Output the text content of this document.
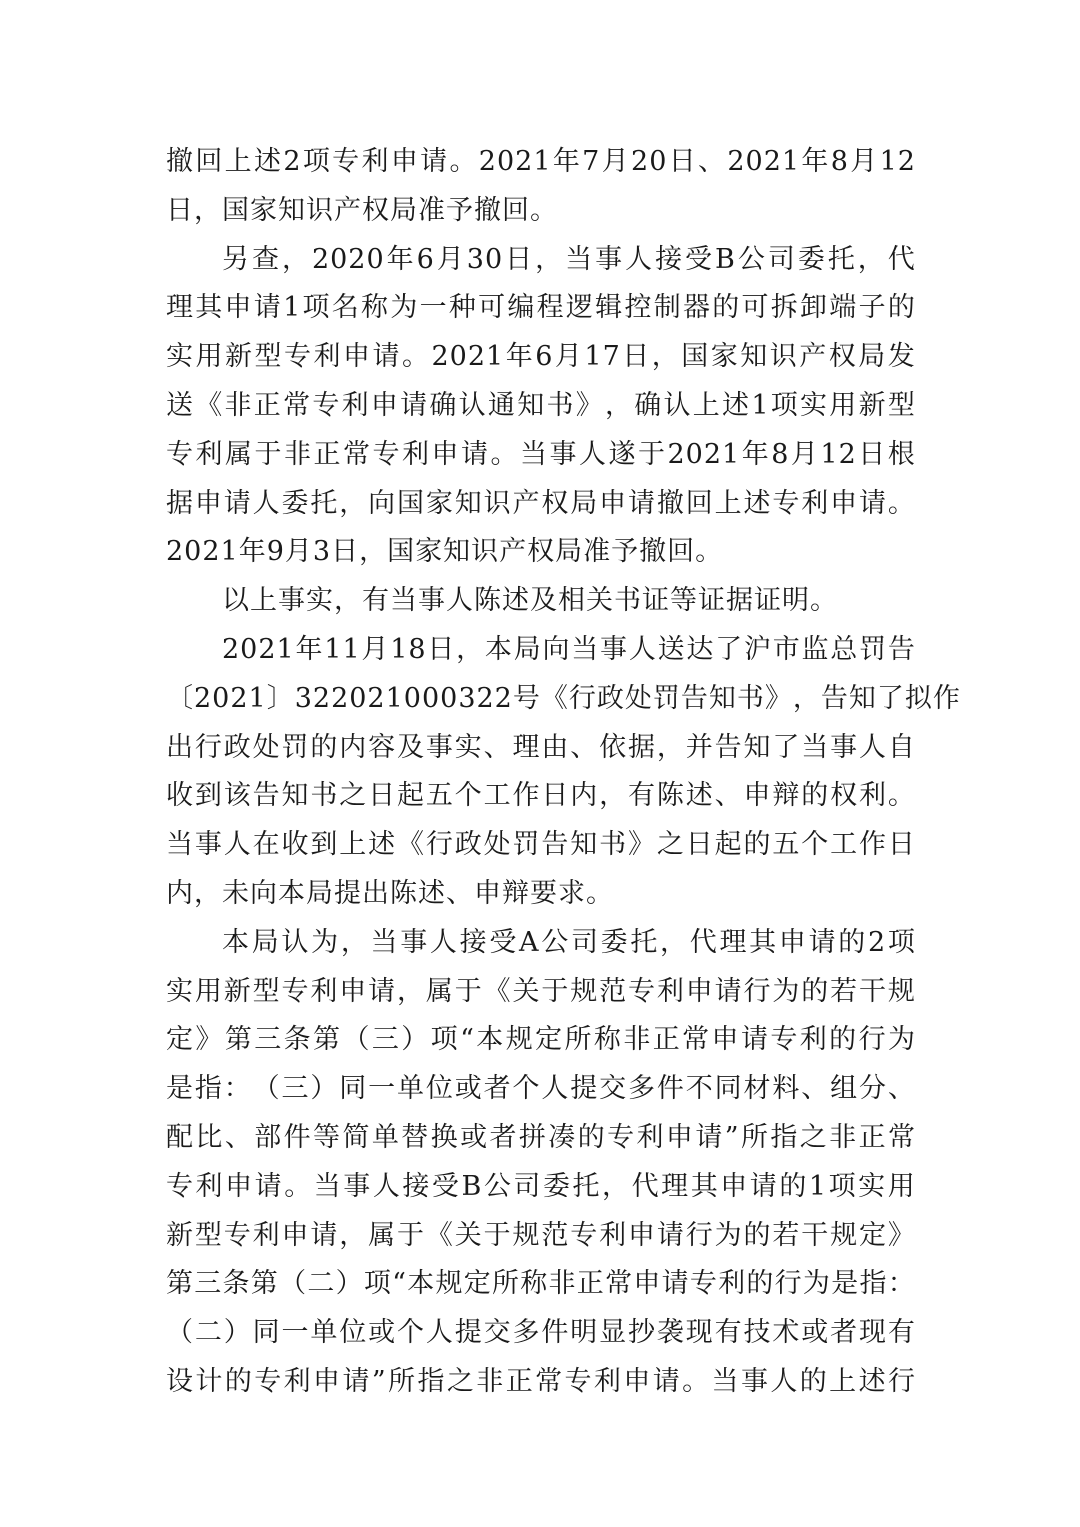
撤 回 上 述 2 项 专 利 申 请 。 2021 年 7 月 20 日 、 2021 年 8 月 12
日 ， 国 家 知 识 产 权 局 准 予 撤 回 。
另 查 ， 2020 年 6 月 30 日 ， 当 事 人 接 受 B 公 司 委 托 ， 代
理 其 申 请 1 项 名 称 为 一 种 可 编 程 逻 辑 控 制 器 的 可 拆 卸 端 子 的
实 用 新 型 专 利 申 请 。 2021 年 6 月 17 日 ， 国 家 知 识 产 权 局 发
送 《 非 正 常 专 利 申 请 确 认 通 知 书 》 ， 确 认 上 述 1 项 实 用 新 型
专 利 属 于 非 正 常 专 利 申 请 。 当 事 人 遂 于 2021 年 8 月 12 日 根
据 申 请 人 委 托 ， 向 国 家 知 识 产 权 局 申 请 撤 回 上 述 专 利 申 请 。
2021 年 9 月 3 日 ， 国 家 知 识 产 权 局 准 予 撤 回 。
以 上 事 实 ， 有 当 事 人 陈 述 及 相 关 书 证 等 证 据 证 明 。
2021 年 11 月 18 日 ， 本 局 向 当 事 人 送 达 了 沪 市 监 总 罚 告
〔 2021 〕 322021000322 号 《 行 政 处 罚 告 知 书 》 ， 告 知 了 拟 作
出 行 政 处 罚 的 内 容 及 事 实 、 理 由 、 依 据 ， 并 告 知 了 当 事 人 自
收 到 该 告 知 书 之 日 起 五 个 工 作 日 内 ， 有 陈 述 、 申 辩 的 权 利 。
当 事 人 在 收 到 上 述 《 行 政 处 罚 告 知 书 》 之 日 起 的 五 个 工 作 日
内 ， 未 向 本 局 提 出 陈 述 、 申 辩 要 求 。
本 局 认 为 ， 当 事 人 接 受 A 公 司 委 托 ， 代 理 其 申 请 的 2 项
实 用 新 型 专 利 申 请 ， 属 于 《 关 于 规 范 专 利 申 请 行 为 的 若 干 规
定 》 第 三 条 第 （ 三 ） 项 “ 本 规 定 所 称 非 正 常 申 请 专 利 的 行 为
是 指 ： （ 三 ） 同 一 单 位 或 者 个 人 提 交 多 件 不 同 材 料 、 组 分 、
配 比 、 部 件 等 简 单 替 换 或 者 拼 凑 的 专 利 申 请 ” 所 指 之 非 正 常
专 利 申 请 。 当 事 人 接 受 B 公 司 委 托 ， 代 理 其 申 请 的 1 项 实 用
新 型 专 利 申 请 ， 属 于 《 关 于 规 范 专 利 申 请 行 为 的 若 干 规 定 》
第 三 条 第 （ 二 ） 项 “ 本 规 定 所 称 非 正 常 申 请 专 利 的 行 为 是 指 ：
（ 二 ） 同 一 单 位 或 个 人 提 交 多 件 明 显 抄 袭 现 有 技 术 或 者 现 有
设 计 的 专 利 申 请 ” 所 指 之 非 正 常 专 利 申 请 。 当 事 人 的 上 述 行
